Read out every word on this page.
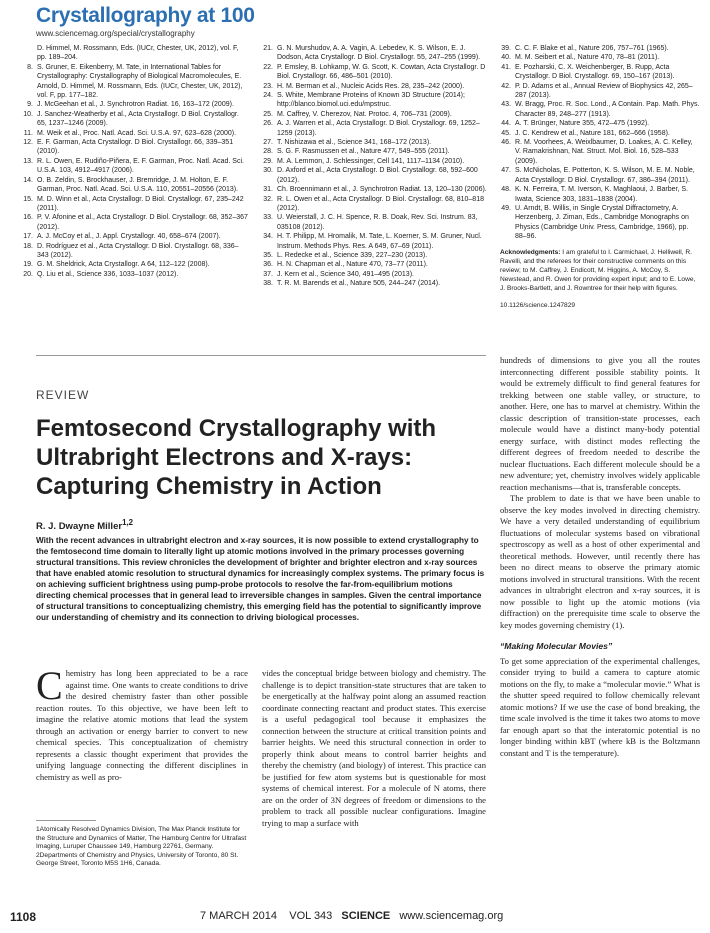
Crystallography at 100
www.sciencemag.org/special/crystallography
D. Himmel, M. Rossmann, Eds. (IUCr, Chester, UK, 2012), vol. F, pp. 189–204.
8. S. Gruner, E. Eikenberry, M. Tate, in International Tables for Crystallography: Crystallography of Biological Macromolecules, E. Arnold, D. Himmel, M. Rossmann, Eds. (IUCr, Chester, UK, 2012), vol. F, pp. 177–182.
9. J. McGeehan et al., J. Synchrotron Radiat. 16, 163–172 (2009).
10. J. Sanchez-Weatherby et al., Acta Crystallogr. D Biol. Crystallogr. 65, 1237–1246 (2009).
11. M. Weik et al., Proc. Natl. Acad. Sci. U.S.A. 97, 623–628 (2000).
12. E. F. Garman, Acta Crystallogr. D Biol. Crystallogr. 66, 339–351 (2010).
13. R. L. Owen, E. Rudiño-Piñera, E. F. Garman, Proc. Natl. Acad. Sci. U.S.A. 103, 4912–4917 (2006).
14. O. B. Zeldin, S. Brockhauser, J. Bremridge, J. M. Holton, E. F. Garman, Proc. Natl. Acad. Sci. U.S.A. 110, 20551–20556 (2013).
15. M. D. Winn et al., Acta Crystallogr. D Biol. Crystallogr. 67, 235–242 (2011).
16. P. V. Afonine et al., Acta Crystallogr. D Biol. Crystallogr. 68, 352–367 (2012).
17. A. J. McCoy et al., J. Appl. Crystallogr. 40, 658–674 (2007).
18. D. Rodríguez et al., Acta Crystallogr. D Biol. Crystallogr. 68, 336–343 (2012).
19. G. M. Sheldrick, Acta Crystallogr. A 64, 112–122 (2008).
20. Q. Liu et al., Science 336, 1033–1037 (2012).
21. G. N. Murshudov, A. A. Vagin, A. Lebedev, K. S. Wilson, E. J. Dodson, Acta Crystallogr. D Biol. Crystallogr. 55, 247–255 (1999).
22. P. Emsley, B. Lohkamp, W. G. Scott, K. Cowtan, Acta Crystallogr. D Biol. Crystallogr. 66, 486–501 (2010).
23. H. M. Berman et al., Nucleic Acids Res. 28, 235–242 (2000).
24. S. White, Membrane Proteins of Known 3D Structure (2014); http://blanco.biomol.uci.edu/mpstruc.
25. M. Caffrey, V. Cherezov, Nat. Protoc. 4, 706–731 (2009).
26. A. J. Warren et al., Acta Crystallogr. D Biol. Crystallogr. 69, 1252–1259 (2013).
27. T. Nishizawa et al., Science 341, 168–172 (2013).
28. S. G. F. Rasmussen et al., Nature 477, 549–555 (2011).
29. M. A. Lemmon, J. Schlessinger, Cell 141, 1117–1134 (2010).
30. D. Axford et al., Acta Crystallogr. D Biol. Crystallogr. 68, 592–600 (2012).
31. Ch. Broennimann et al., J. Synchrotron Radiat. 13, 120–130 (2006).
32. R. L. Owen et al., Acta Crystallogr. D Biol. Crystallogr. 68, 810–818 (2012).
33. U. Weierstall, J. C. H. Spence, R. B. Doak, Rev. Sci. Instrum. 83, 035108 (2012).
34. H. T. Philipp, M. Hromalik, M. Tate, L. Koerner, S. M. Gruner, Nucl. Instrum. Methods Phys. Res. A 649, 67–69 (2011).
35. L. Redecke et al., Science 339, 227–230 (2013).
36. H. N. Chapman et al., Nature 470, 73–77 (2011).
37. J. Kern et al., Science 340, 491–495 (2013).
38. T. R. M. Barends et al., Nature 505, 244–247 (2014).
39. C. C. F. Blake et al., Nature 206, 757–761 (1965).
40. M. M. Seibert et al., Nature 470, 78–81 (2011).
41. E. Pozharski, C. X. Weichenberger, B. Rupp, Acta Crystallogr. D Biol. Crystallogr. 69, 150–167 (2013).
42. P. D. Adams et al., Annual Review of Biophysics 42, 265–287 (2013).
43. W. Bragg, Proc. R. Soc. Lond., A Contain. Pap. Math. Phys. Character 89, 248–277 (1913).
44. A. T. Brünger, Nature 355, 472–475 (1992).
45. J. C. Kendrew et al., Nature 181, 662–666 (1958).
46. R. M. Voorhees, A. Weixlbaumer, D. Loakes, A. C. Kelley, V. Ramakrishnan, Nat. Struct. Mol. Biol. 16, 528–533 (2009).
47. S. McNicholas, E. Potterton, K. S. Wilson, M. E. M. Noble, Acta Crystallogr. D Biol. Crystallogr. 67, 386–394 (2011).
48. K. N. Ferreira, T. M. Iverson, K. Maghlaoui, J. Barber, S. Iwata, Science 303, 1831–1838 (2004).
49. U. Arndt, B. Willis, in Single Crystal Diffractometry, A. Herzenberg, J. Ziman, Eds., Cambridge Monographs on Physics (Cambridge Univ. Press, Cambridge, 1966), pp. 88–96.
Acknowledgments: I am grateful to I. Carmichael, J. Helliwell, R. Ravelli, and the referees for their constructive comments on this review; to M. Caffrey, J. Endicott, M. Higgins, A. McCoy, S. Newstead, and R. Owen for providing expert input; and to E. Lowe, J. Brooks-Bartlett, and J. Rowntree for their help with figures.
10.1126/science.1247829
REVIEW
Femtosecond Crystallography with Ultrabright Electrons and X-rays: Capturing Chemistry in Action
R. J. Dwayne Miller$^{1,2}$
With the recent advances in ultrabright electron and x-ray sources, it is now possible to extend crystallography to the femtosecond time domain to literally light up atomic motions involved in the primary processes governing structural transitions. This review chronicles the development of brighter and brighter electron and x-ray sources that have enabled atomic resolution to structural dynamics for increasingly complex systems. The primary focus is on achieving sufficient brightness using pump-probe protocols to resolve the far-from-equilibrium motions directing chemical processes that in general lead to irreversible changes in samples. Given the central importance of structural transitions to conceptualizing chemistry, this emerging field has the potential to significantly improve our understanding of chemistry and its connection to driving biological processes.
Chemistry has long been appreciated to be a race against time. One wants to create conditions to drive the desired chemistry faster than other possible reaction routes. To this objective, we have been left to imagine the relative atomic motions that lead the system through an activation or energy barrier to convert to new chemical species. This conceptualization of chemistry represents a classic thought experiment that provides the unifying language connecting the different disciplines in chemistry as well as pro-
1Atomically Resolved Dynamics Division, The Max Planck Institute for the Structure and Dynamics of Matter, The Hamburg Centre for Ultrafast Imaging, Luruper Chaussee 149, Hamburg 22761, Germany. 2Departments of Chemistry and Physics, University of Toronto, 80 St. George Street, Toronto M5S 1H6, Canada.
vides the conceptual bridge between biology and chemistry. The challenge is to depict transition-state structures that are taken to be energetically at the halfway point along an assumed reaction coordinate connecting reactant and product states. This exercise is a useful pedagogical tool because it emphasizes the connection between the structure at critical transition points and barrier heights. We need this structural connection in order to properly think about means to control barrier heights and thereby the chemistry (and biology) of interest. This practice can be justified for few atom systems but is questionable for most systems of chemical interest. For a molecule of N atoms, there are on the order of 3N degrees of freedom or dimensions to the problem to track all possible nuclear configurations. Imagine trying to map a surface with
hundreds of dimensions to give you all the routes interconnecting different possible stability points. It would be extremely difficult to find general features for trekking between one stable valley, or structure, to another. Here, one has to marvel at chemistry. Within the classic description of transition-state processes, each molecule would have a distinct many-body potential energy surface, with distinct modes reflecting the different degrees of freedom needed to describe the nuclear fluctuations. Each different molecule should be a new adventure; yet, chemistry involves widely applicable reaction mechanisms—that is, transferable concepts.
The problem to date is that we have been unable to observe the key modes involved in directing chemistry. We have a very detailed understanding of equilibrium fluctuations of molecular systems based on vibrational spectroscopy as well as a host of other experimental and theoretical methods. However, until recently there has been no direct means to observe the primary atomic motions involved in structural transitions. With the recent advances in ultrabright electron and x-ray sources, it is now possible to light up the atomic motions (via diffraction) on the prerequisite time scale to observe the key modes governing chemistry (1).
“Making Molecular Movies”
To get some appreciation of the experimental challenges, consider trying to build a camera to capture atomic motions on the fly, to make a “molecular movie.” What is the shutter speed required to follow chemically relevant atomic motions? If we use the case of bond breaking, the time scale involved is the time it takes two atoms to move far enough apart so that the interatomic potential is no longer binding within kBT (where kB is the Boltzmann constant and T is the temperature).
1108	7 MARCH 2014 VOL 343 SCIENCE www.sciencemag.org
